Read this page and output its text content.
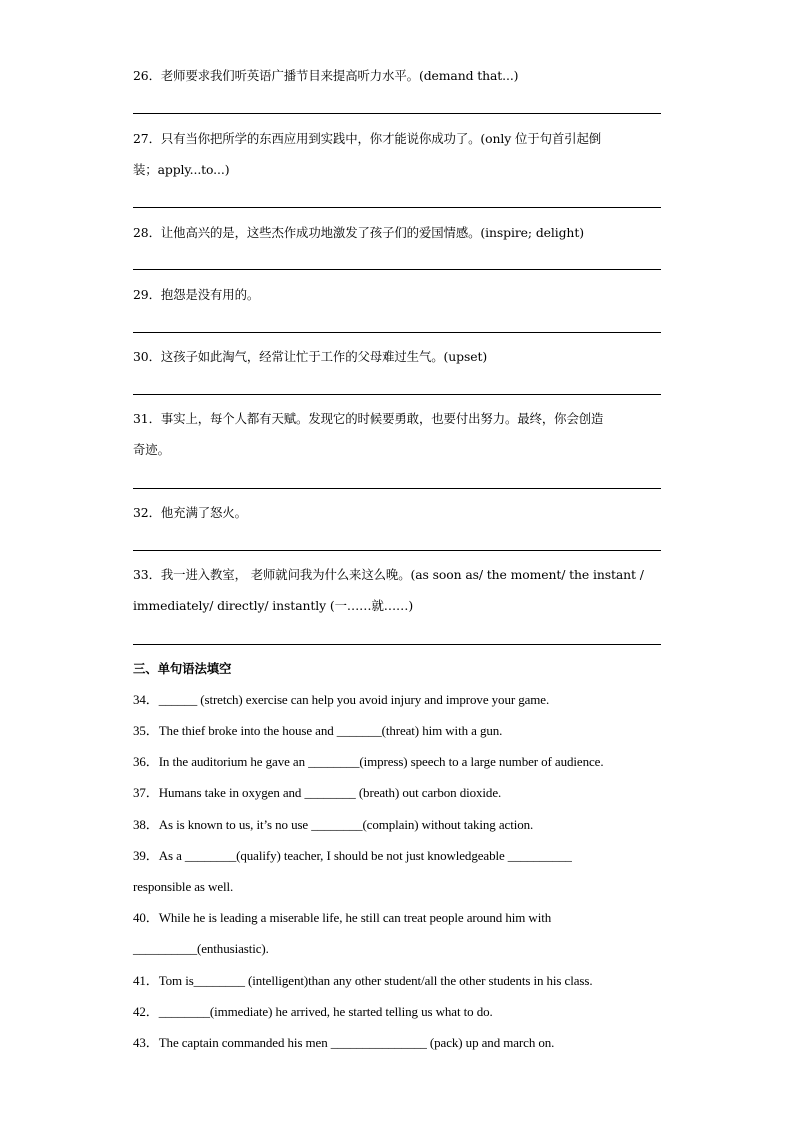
26．老师要求我们听英语广播节目来提高听力水平。(demand that...)
27．只有当你把所学的东西应用到实践中，你才能说你成功了。(only 位于句首引起倒
装；apply...to...)
28．让他高兴的是，这些杰作成功地激发了孩子们的爱国情感。(inspire; delight)
29．抱怨是没有用的。
30．这孩子如此淘气，经常让忙于工作的父母难过生气。(upset)
31．事实上，每个人都有天赋。发现它的时候要勇敢，也要付出努力。最终，你会创造
奇迹。
32．他充满了怒火。
33．我一进入教室， 老师就问我为什么来这么晚。(as soon as/ the moment/ the instant /
immediately/ directly/ instantly (一……就……)
三、单句语法填空
34．______ (stretch) exercise can help you avoid injury and improve your game.
35．The thief broke into the house and _______(threat) him with a gun.
36．In the auditorium he gave an ________(impress) speech to a large number of audience.
37．Humans take in oxygen and ________ (breath) out carbon dioxide.
38．As is known to us, it’s no use ________(complain) without taking action.
39．As a ________(qualify) teacher, I should be not just knowledgeable __________
responsible as well.
40．While he is leading a miserable life, he still can treat people around him with
__________(enthusiastic).
41．Tom is________ (intelligent)than any other student/all the other students in his class.
42．________(immediate) he arrived, he started telling us what to do.
43．The captain commanded his men _______________ (pack) up and march on.
